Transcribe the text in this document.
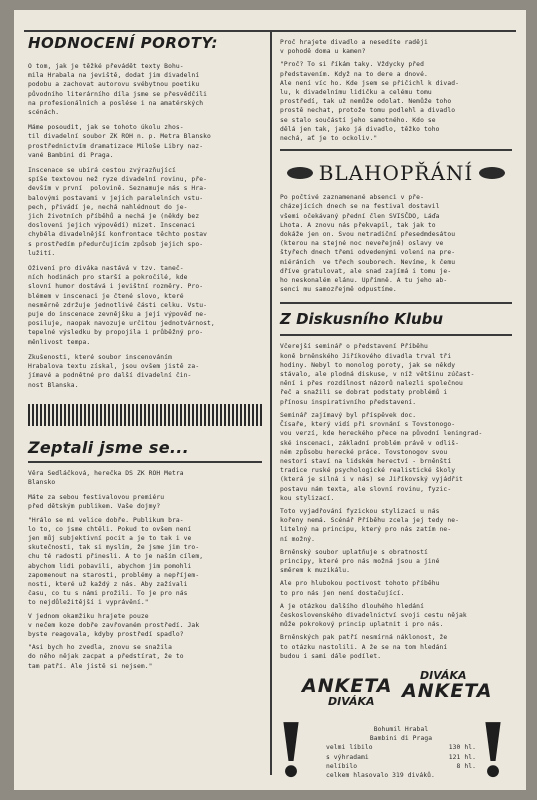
HODNOCENÍ POROTY:

O tom, jak je těžké převádět texty Bohu-
mila Hrabala na jeviště, dodat jim divadelní
podobu a zachovat autorovu svébytnou poetiku
původního literárního díla jsme se přesvědčili
na profesionálních a poslése i na amatérských
scénách.

Máme posoudit, jak se tohoto úkolu zhos-
til divadelní soubor ZK ROH n. p. Metra Blansko
prostřednictvím dramatizace Miloše Libry naz-
vané Bambini di Praga.

Inscenace se ubírá cestou zvýrazňující
spíše textovou než ryze divadelní rovinu, pře-
devším v první  polovině. Seznamuje nás s Hra-
balovými postavami v jejich paralelních vstu-
pech, přivádí je, nechá nahlédnout do je-
jich životních příběhů a nechá je (někdy bez
dosloveni jejich výpovědí) mizet. Inscenaci
chyběla divadelnější konfrontace těchto postav
s prostředím předurčujícím způsob jejich spo-
lužití.

Oživení pro diváka nastává v tzv. taneč-
ních hodinách pro starší a pokročilé, kde
slovní humor dostává i jevištní rozměry. Pro-
blémem v inscenaci je čtené slovo, které
nesměrně zdržuje jednotlivé části celku. Vstu-
puje do inscenace zevnějšku a její výpověď ne-
posiluje, naopak navozuje určitou jednotvárnost,
tepelné výsledku by propojila i průběžný pro-
měnlivost tempa.

Zkušenosti, které soubor inscenováním
Hrabalova textu získal, jsou ovšem jistě za-
jímavé a podnětné pro další divadelní čin-
nost Blanska.

Zeptali jsme se...

Věra Sedláčková, herečka DS ZK ROH Metra
Blansko

Máte za sebou festivalovou premiéru
před dětským publikem. Vaše dojmy?

"Hrálo se mi velice dobře. Publikum bra-
lo to, co jsme chtěli. Pokud to ovšem není
jen můj subjektivní pocit a je to tak i ve
skutečnosti, tak si myslím, že jsme jim tro-
chu té radosti přinesli. A to je naším cílem,
abychom lidi pobavili, abychom jim pomohli
zapomenout na starosti, problémy a nepříjem-
nosti, které už každý z nás. Aby zažívali
času, co tu s námi prožili. To je pro nás
to nejdůležitější i vyprávění."

V jednom okamžiku hrajete pouze
v nečem koze dobře zavřovaném prostředí. Jak
byste reagovala, kdyby prostředí spadlo?

"Asi bych ho zvedla, znovu se snažila
do něho nějak zacpat a předstírat, že to
tam patří. Ale jistě si nejsem."

Proč hrajete divadlo a nesedíte raději
v pohodě doma u kamen?

"Proč? To si říkám taky. Vždycky před
představením. Když na to dere a dnové.
Ale není víc ho. Kde jsem se přičichl k divad-
lu, k divadelnímu lidičku a celému tomu
prostředí, tak už nemůže odolat. Nemůže toho
prostě nechat, protože tomu podlehl a divadlo
se stalo součástí jeho samotného. Kdo se
dělá jen tak, jako já divadlo, těžko toho
nechá, ať je to ockoliv."

BLAHOPŘÁNÍ

Po počtivé zaznamenané absenci v pře-
cházejících dnech se na festival dostavil
všemi očekávaný přední člen SVISČDO, Láďa
Lhota. A znovu nás překvapil, tak jak to
dokáže jen on. Svou netradiční přesedmdesátou
(kterou na stejné noc neveřejně) oslavy ve
štyřech dnech třemi odvedenými volení na pre-
miéráních  ve třech souborech. Nevíme, k čemu
dříve gratulovat, ale snad zajímá i tomu je-
ho neskonalém elánu. Upřímně. A tu jeho ab-
senci mu samozřejmě odpustíme.

Z Diskusního Klubu

Včerejší seminář o představení Příběhu
koně brněnského Jiříkového divadla trval tři
hodiny. Nebyl to monolog poroty, jak se někdy
stávalo, ale plodná diskuse, v níž většinu zúčast-
nění i přes rozdílnost názorů nalezli společnou
řeč a snažili se dobrat podstaty problémů i
přínosu inspirativního představení.

Seminář zajímavý byl příspěvek doc.
Čísaře, který vidí při srovnání s Tovstonogo-
vou verzí, kde hereckého přece na původní leningrad-
ské inscenaci, základní problém právě v odliš-
ném způsobu herecké práce. Tovstonogov svou
nestorí staví na lidském herectví - brněnští
tradice ruské psychologické realistické školy
(která je silná i v nás) se Jiříkovský vyjádřit
postavu nám texta, ale slovní rovinu, fyzic-
kou stylizací.

Toto vyjadřování fyzickou stylizací u nás
kořeny nemá. Scénář Příběhu zcela jej tedy ne-
litelný na principu, který pro nás zatím ne-
ní možný.

Brněnský soubor uplatňuje s obratností
principy, které pro nás možná jsou a jiné
směrem k muzikálu.

Ale pro hlubokou poctivost tohoto příběhu
to pro nás jen není dostačující.

A je otázkou dalšího dlouhého hledání
československého divadelnictví svoji cestu nějak
může pokrokový princip uplatnit i pro nás.

Brněnských pak patří nesmírná náklonost, že
to otázku nastolili. A že se na tom hledání
budou i sami dále podílet.

ANKETA
DIVÁKA
DIVÁKA
ANKETA
Bohumil Hrabal
Bambini di Praga
velmi líbilo	130 hl.
s výhradami	121 hl.
nelíbilo	8 hl.
celkem hlasovalo 319 diváků.
